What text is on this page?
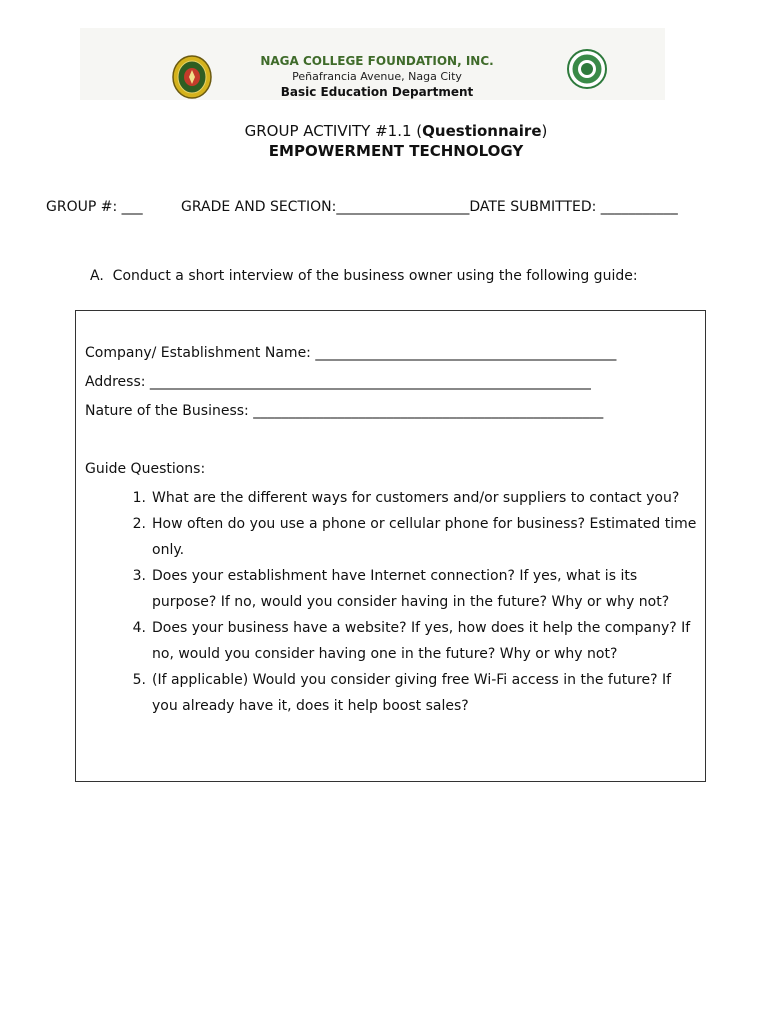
NAGA COLLEGE FOUNDATION, INC.
Peñafrancia Avenue, Naga City
Basic Education Department
GROUP ACTIVITY #1.1 (Questionnaire)
EMPOWERMENT TECHNOLOGY
GROUP #: ___	GRADE AND SECTION:___________________DATE SUBMITTED: ___________
A.  Conduct a short interview of the business owner using the following guide:
Company/ Establishment Name: ___________________________________________
Address: _______________________________________________________________
Nature of the Business: __________________________________________________
Guide Questions:
1. What are the different ways for customers and/or suppliers to contact you?
2. How often do you use a phone or cellular phone for business? Estimated time
only.
3. Does your establishment have Internet connection? If yes, what is its
purpose? If no, would you consider having in the future? Why or why not?
4. Does your business have a website? If yes, how does it help the company? If
no, would you consider having one in the future? Why or why not?
5. (If applicable) Would you consider giving free Wi-Fi access in the future? If
you already have it, does it help boost sales?
